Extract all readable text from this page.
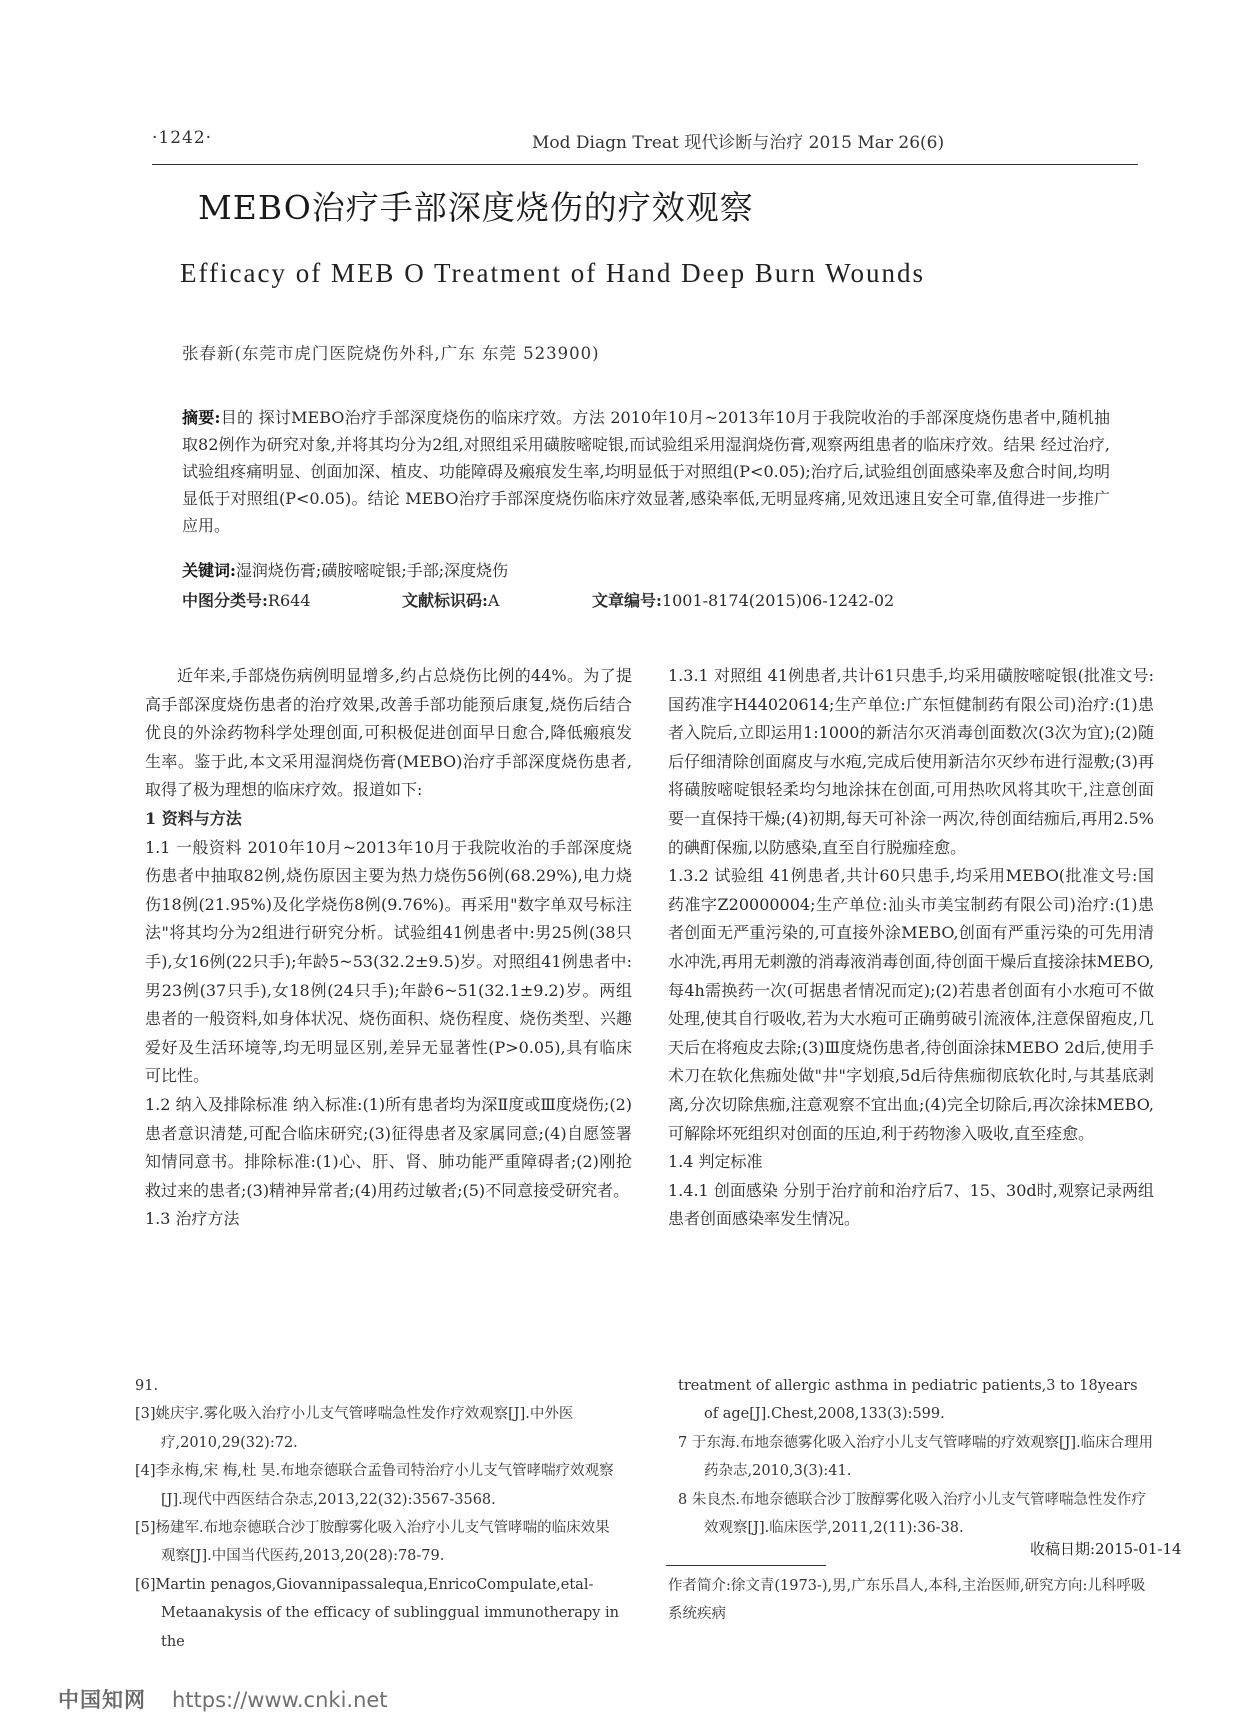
·1242·	Mod Diagn Treat 现代诊断与治疗 2015 Mar 26(6)
MEBO治疗手部深度烧伤的疗效观察
Efficacy of MEB O Treatment of Hand Deep Burn Wounds
张春新(东莞市虎门医院烧伤外科,广东 东莞 523900)
摘要:目的 探讨MEBO治疗手部深度烧伤的临床疗效。方法 2010年10月~2013年10月于我院收治的手部深度烧伤患者中,随机抽取82例作为研究对象,并将其均分为2组,对照组采用磺胺嘧啶银,而试验组采用湿润烧伤膏,观察两组患者的临床疗效。结果 经过治疗,试验组疼痛明显、创面加深、植皮、功能障碍及瘢痕发生率,均明显低于对照组(P<0.05);治疗后,试验组创面感染率及愈合时间,均明显低于对照组(P<0.05)。结论 MEBO治疗手部深度烧伤临床疗效显著,感染率低,无明显疼痛,见效迅速且安全可靠,值得进一步推广应用。
关键词:湿润烧伤膏;磺胺嘧啶银;手部;深度烧伤
中图分类号:R644	文献标识码:A	文章编号:1001-8174(2015)06-1242-02

近年来,手部烧伤病例明显增多,约占总烧伤比例的44%。为了提高手部深度烧伤患者的治疗效果,改善手部功能预后康复,烧伤后结合优良的外涂药物科学处理创面,可积极促进创面早日愈合,降低瘢痕发生率。鉴于此,本文采用湿润烧伤膏(MEBO)治疗手部深度烧伤患者,取得了极为理想的临床疗效。报道如下:

1 资料与方法

1.1 一般资料 2010年10月~2013年10月于我院收治的手部深度烧伤患者中抽取82例,烧伤原因主要为热力烧伤56例(68.29%),电力烧伤18例(21.95%)及化学烧伤8例(9.76%)。再采用"数字单双号标注法"将其均分为2组进行研究分析。试验组41例患者中:男25例(38只手),女16例(22只手);年龄5~53(32.2±9.5)岁。对照组41例患者中:男23例(37只手),女18例(24只手);年龄6~51(32.1±9.2)岁。两组患者的一般资料,如身体状况、烧伤面积、烧伤程度、烧伤类型、兴趣爱好及生活环境等,均无明显区别,差异无显著性(P>0.05),具有临床可比性。

1.2 纳入及排除标准 纳入标准:(1)所有患者均为深Ⅱ度或Ⅲ度烧伤;(2)患者意识清楚,可配合临床研究;(3)征得患者及家属同意;(4)自愿签署知情同意书。排除标准:(1)心、肝、肾、肺功能严重障碍者;(2)刚抢救过来的患者;(3)精神异常者;(4)用药过敏者;(5)不同意接受研究者。

1.3 治疗方法

1.3.1 对照组 41例患者,共计61只患手,均采用磺胺嘧啶银(批准文号:国药准字H44020614;生产单位:广东恒健制药有限公司)治疗:(1)患者入院后,立即运用1:1000的新洁尔灭消毒创面数次(3次为宜);(2)随后仔细清除创面腐皮与水疱,完成后使用新洁尔灭纱布进行湿敷;(3)再将磺胺嘧啶银轻柔均匀地涂抹在创面,可用热吹风将其吹干,注意创面要一直保持干燥;(4)初期,每天可补涂一两次,待创面结痂后,再用2.5%的碘酊保痂,以防感染,直至自行脱痂痊愈。

1.3.2 试验组 41例患者,共计60只患手,均采用MEBO(批准文号:国药准字Z20000004;生产单位:汕头市美宝制药有限公司)治疗:(1)患者创面无严重污染的,可直接外涂MEBO,创面有严重污染的可先用清水冲洗,再用无刺激的消毒液消毒创面,待创面干燥后直接涂抹MEBO,每4h需换药一次(可据患者情况而定);(2)若患者创面有小水疱可不做处理,使其自行吸收,若为大水疱可正确剪破引流液体,注意保留疱皮,几天后在将疱皮去除;(3)Ⅲ度烧伤患者,待创面涂抹MEBO 2d后,使用手术刀在软化焦痂处做"井"字划痕,5d后待焦痂彻底软化时,与其基底剥离,分次切除焦痂,注意观察不宜出血;(4)完全切除后,再次涂抹MEBO,可解除坏死组织对创面的压迫,利于药物渗入吸收,直至痊愈。

1.4 判定标准

1.4.1 创面感染 分别于治疗前和治疗后7、15、30d时,观察记录两组患者创面感染率发生情况。

91.

[3]姚庆宇.雾化吸入治疗小儿支气管哮喘急性发作疗效观察[J].中外医疗,2010,29(32):72.

[4]李永梅,宋 梅,杜 昊.布地奈德联合孟鲁司特治疗小儿支气管哮喘疗效观察[J].现代中西医结合杂志,2013,22(32):3567-3568.

[5]杨建军.布地奈德联合沙丁胺醇雾化吸入治疗小儿支气管哮喘的临床效果观察[J].中国当代医药,2013,20(28):78-79.

[6]Martin penagos,Giovannipassalequa,EnricoCompulate,etal-Metaanakysis of the efficacy of sublinggual immunotherapy in the

treatment of allergic asthma in pediatric patients,3 to 18years of age[J].Chest,2008,133(3):599.

7 于东海.布地奈德雾化吸入治疗小儿支气管哮喘的疗效观察[J].临床合理用药杂志,2010,3(3):41.

8 朱良杰.布地奈德联合沙丁胺醇雾化吸入治疗小儿支气管哮喘急性发作疗效观察[J].临床医学,2011,2(11):36-38.

收稿日期:2015-01-14
作者简介:徐文青(1973-),男,广东乐昌人,本科,主治医师,研究方向:儿科呼吸系统疾病
中国知网 https://www.cnki.net
